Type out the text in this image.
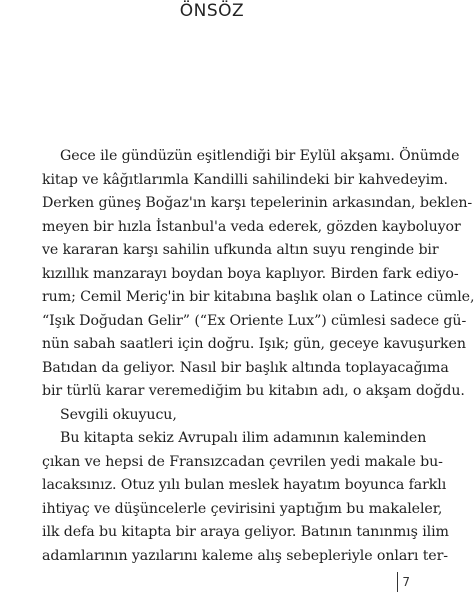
ÖNSÖZ
Gece ile gündüzün eşitlendiği bir Eylül akşamı. Önümde
kitap ve kâğıtlarımla Kandilli sahilindeki bir kahvedeyim.
Derken güneş Boğaz'ın karşı tepelerinin arkasından, beklen-
meyen bir hızla İstanbul'a veda ederek, gözden kayboluyor
ve kararan karşı sahilin ufkunda altın suyu renginde bir
kızıllık manzarayı boydan boya kaplıyor. Birden fark ediyo-
rum; Cemil Meriç'in bir kitabına başlık olan o Latince cümle,
“Işık Doğudan Gelir” (“Ex Oriente Lux”) cümlesi sadece gü-
nün sabah saatleri için doğru. Işık; gün, geceye kavuşurken
Batıdan da geliyor. Nasıl bir başlık altında toplayacağıma
bir türlü karar veremediğim bu kitabın adı, o akşam doğdu.
Sevgili okuyucu,
Bu kitapta sekiz Avrupalı ilim adamının kaleminden
çıkan ve hepsi de Fransızcadan çevrilen yedi makale bu-
lacaksınız. Otuz yılı bulan meslek hayatım boyunca farklı
ihtiyaç ve düşüncelerle çevirisini yaptığım bu makaleler,
ilk defa bu kitapta bir araya geliyor. Batının tanınmış ilim
adamlarının yazılarını kaleme alış sebepleriyle onları ter-
7
